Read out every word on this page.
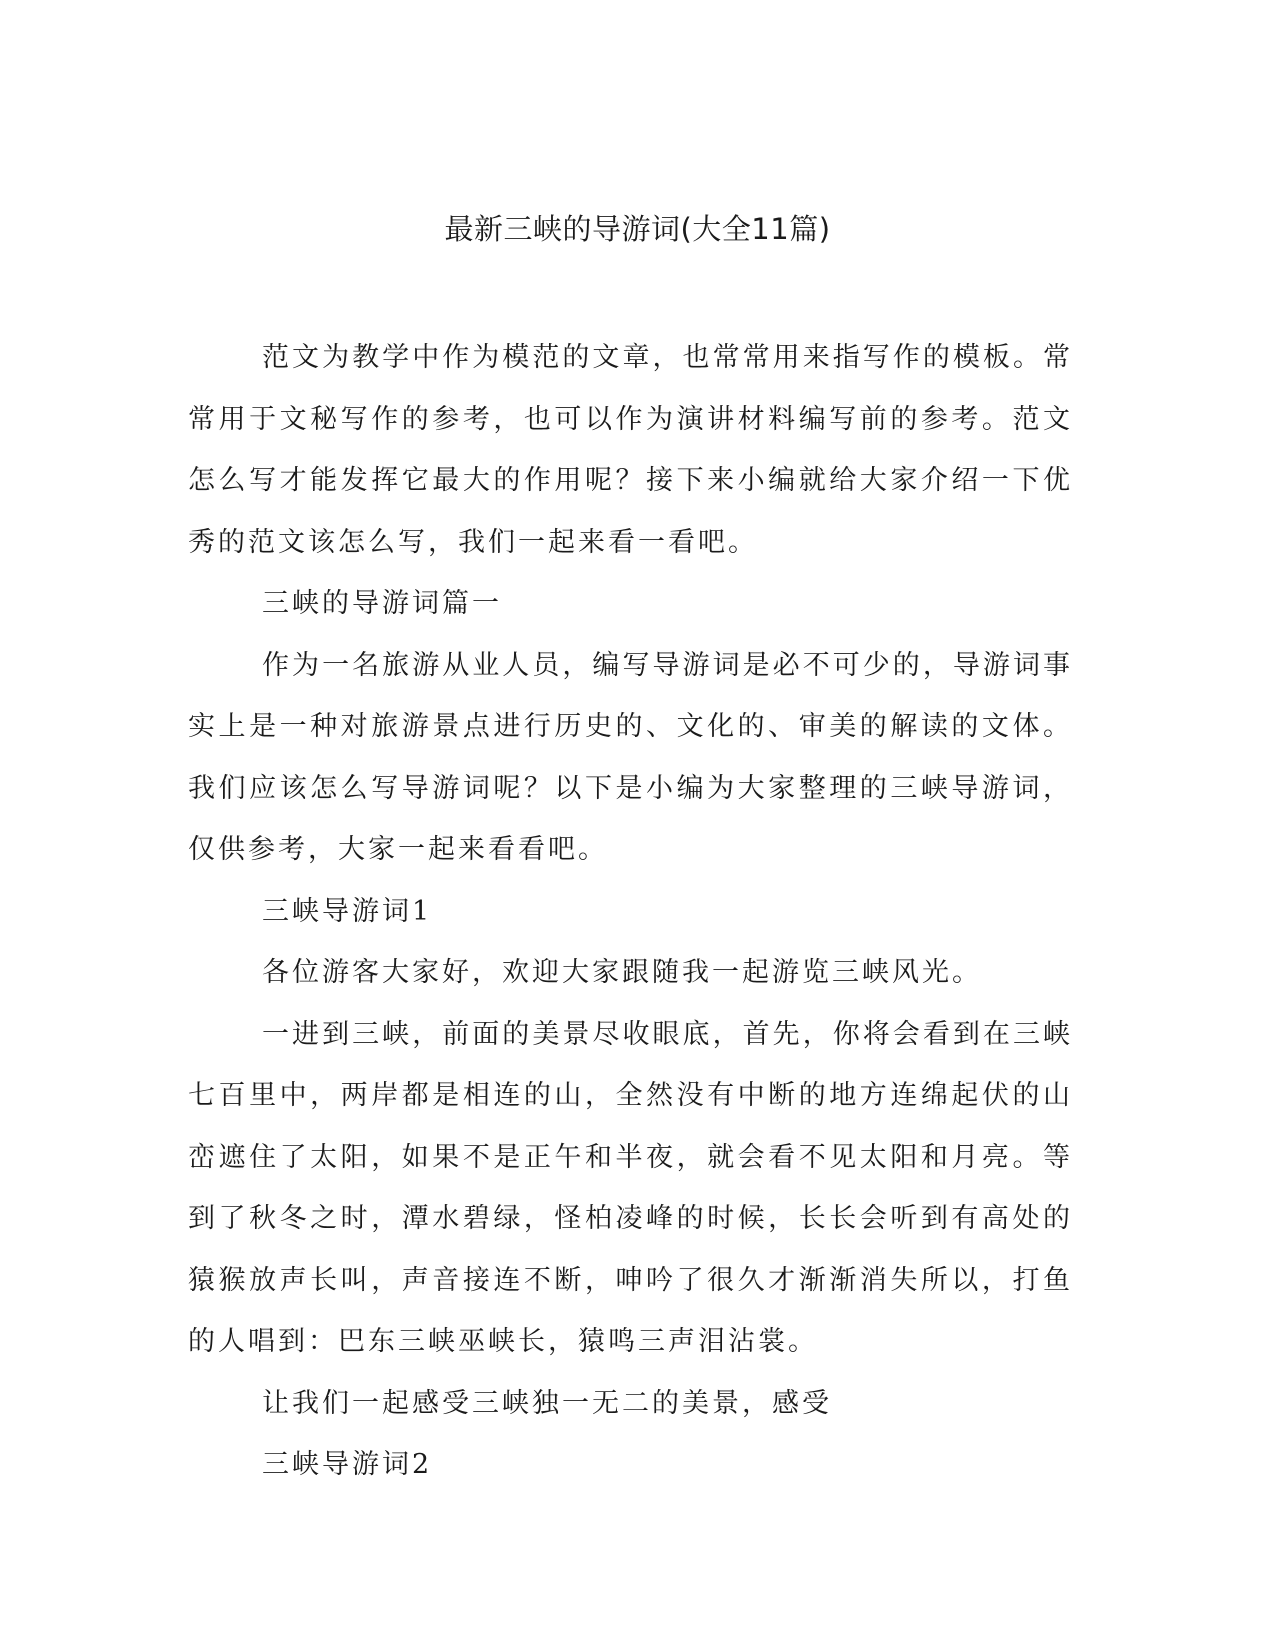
最新三峡的导游词(大全11篇)

范文为教学中作为模范的文章，也常常用来指写作的模板。常常用于文秘写作的参考，也可以作为演讲材料编写前的参考。范文怎么写才能发挥它最大的作用呢？接下来小编就给大家介绍一下优秀的范文该怎么写，我们一起来看一看吧。

三峡的导游词篇一

作为一名旅游从业人员，编写导游词是必不可少的，导游词事实上是一种对旅游景点进行历史的、文化的、审美的解读的文体。我们应该怎么写导游词呢？以下是小编为大家整理的三峡导游词，仅供参考，大家一起来看看吧。

三峡导游词1

各位游客大家好，欢迎大家跟随我一起游览三峡风光。

一进到三峡，前面的美景尽收眼底，首先，你将会看到在三峡七百里中，两岸都是相连的山，全然没有中断的地方连绵起伏的山峦遮住了太阳，如果不是正午和半夜，就会看不见太阳和月亮。等到了秋冬之时，潭水碧绿，怪柏凌峰的时候，长长会听到有高处的猿猴放声长叫，声音接连不断，呻吟了很久才渐渐消失所以，打鱼的人唱到：巴东三峡巫峡长，猿鸣三声泪沾裳。

让我们一起感受三峡独一无二的美景，感受

三峡导游词2
